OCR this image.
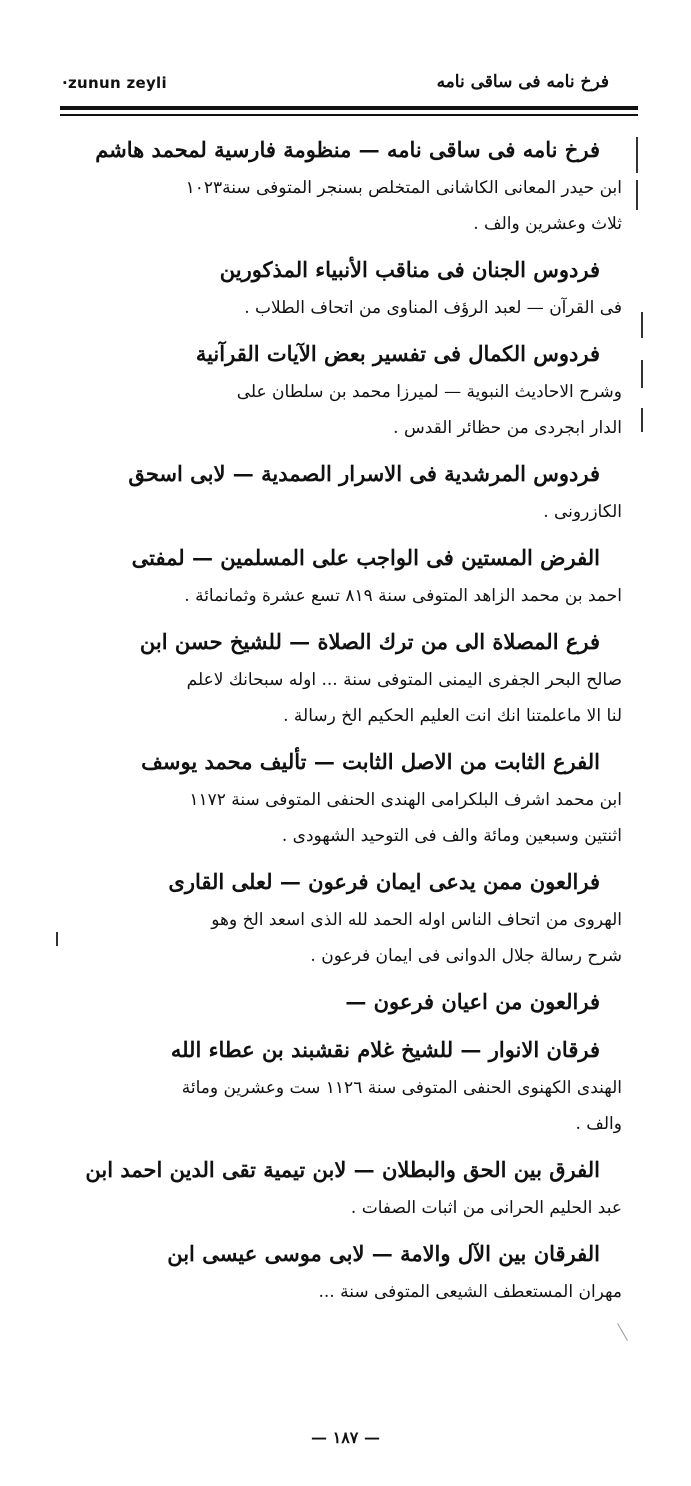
·zunun zeyli	فرخ نامه فى ساقى نامه
فرخ نامه فى ساقى نامه — منظومة فارسية لمحمد هاشم
ابن حيدر المعانى الكاشانى المتخلص بسنجر المتوفى سنة١٠٢٣
ثلاث وعشرين والف .
فردوس الجنان فى مناقب الأنبياء المذكورين
فى القرآن — لعبد الرؤف المناوى من اتحاف الطلاب .
فردوس الكمال فى تفسير بعض الآيات القرآنية
وشرح الاحاديث النبوية — لميرزا محمد بن سلطان على
الدار ابجردى من حظائر القدس .
فردوس المرشدية فى الاسرار الصمدية — لابى اسحق
الكازرونى .
الفرض المستين فى الواجب على المسلمين — لمفتى
احمد بن محمد الزاهد المتوفى سنة ٨١٩ تسع عشرة وثمانمائة .
فرع المصلاة الى من ترك الصلاة — للشيخ حسن ابن
صالح البحر الجفرى اليمنى المتوفى سنة ... اوله سبحانك لاعلم
لنا الا ماعلمتنا انك انت العليم الحكيم الخ رسالة .
الفرع الثابت من الاصل الثابت — تأليف محمد يوسف
ابن محمد اشرف البلكرامى الهندى الحنفى المتوفى سنة ١١٧٢
اثنتين وسبعين ومائة والف فى التوحيد الشهودى .
فرالعون ممن يدعى ايمان فرعون — لعلى القارى
الهروى من اتحاف الناس اوله الحمد لله الذى اسعد الخ وهو
شرح رسالة جلال الدوانى فى ايمان فرعون .
فرالعون من اعيان فرعون —
فرقان الانوار — للشيخ غلام نقشبند بن عطاء الله
الهندى الكهنوى الحنفى المتوفى سنة ١١٢٦ ست وعشرين ومائة
والف .
الفرق بين الحق والبطلان — لابن تيمية تقى الدين احمد ابن
عبد الحليم الحرانى من اثبات الصفات .
الفرقان بين الآل والامة — لابى موسى عيسى ابن
مهران المستعطف الشيعى المتوفى سنة ...
— ١٨٧ —
